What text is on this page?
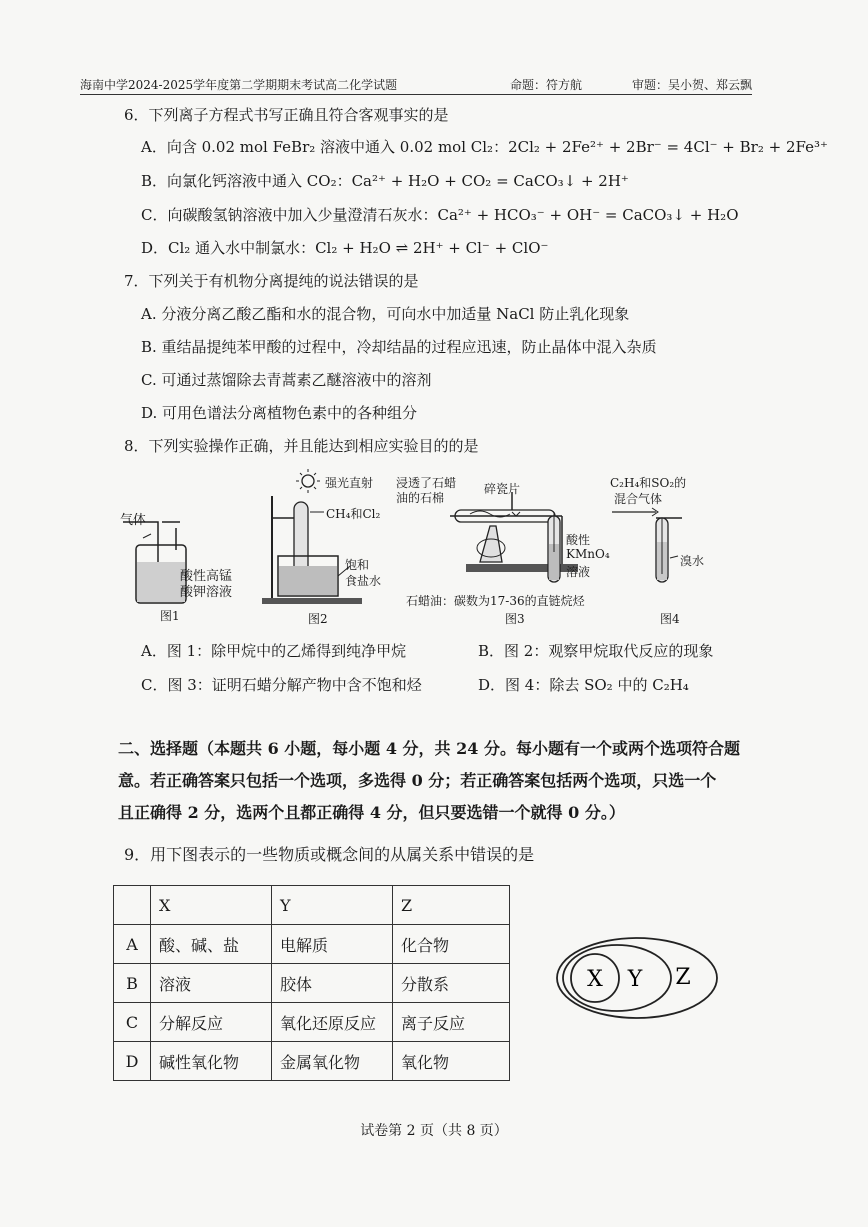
海南中学2024-2025学年度第二学期期末考试高二化学试题	命题：符方航	审题：吴小贺、郑云飘
6．下列离子方程式书写正确且符合客观事实的是
A．向含 0.02 mol FeBr₂ 溶液中通入 0.02 mol Cl₂：2Cl₂ + 2Fe²⁺ + 2Br⁻ = 4Cl⁻ + Br₂ + 2Fe³⁺
B．向氯化钙溶液中通入 CO₂：Ca²⁺ + H₂O + CO₂ = CaCO₃↓ + 2H⁺
C．向碳酸氢钠溶液中加入少量澄清石灰水：Ca²⁺ + HCO₃⁻ + OH⁻ = CaCO₃↓ + H₂O
D．Cl₂ 通入水中制氯水：Cl₂ + H₂O ⇌ 2H⁺ + Cl⁻ + ClO⁻
7．下列关于有机物分离提纯的说法错误的是
A. 分液分离乙酸乙酯和水的混合物，可向水中加适量 NaCl 防止乳化现象
B. 重结晶提纯苯甲酸的过程中，冷却结晶的过程应迅速，防止晶体中混入杂质
C. 可通过蒸馏除去青蒿素乙醚溶液中的溶剂
D. 可用色谱法分离植物色素中的各种组分
8．下列实验操作正确，并且能达到相应实验目的的是
气体
酸性高锰
酸钾溶液
图1
强光直射
CH₄和Cl₂
饱和
食盐水
图2
浸透了石蜡
油的石棉
碎瓷片
酸性
KMnO₄
溶液
石蜡油：碳数为17-36的直链烷烃
图3
C₂H₄和SO₂的
混合气体
溴水
图4
A．图 1：除甲烷中的乙烯得到纯净甲烷	B．图 2：观察甲烷取代反应的现象
C．图 3：证明石蜡分解产物中含不饱和烃	D．图 4：除去 SO₂ 中的 C₂H₄
二、选择题（本题共 6 小题，每小题 4 分，共 24 分。每小题有一个或两个选项符合题
意。若正确答案只包括一个选项，多选得 0 分；若正确答案包括两个选项，只选一个
且正确得 2 分，选两个且都正确得 4 分，但只要选错一个就得 0 分。）
9．用下图表示的一些物质或概念间的从属关系中错误的是
	X	Y	Z
A	酸、碱、盐	电解质	化合物
B	溶液	胶体	分散系
C	分解反应	氧化还原反应	离子反应
D	碱性氧化物	金属氧化物	氧化物
X Y Z
试卷第 2 页（共 8 页）
